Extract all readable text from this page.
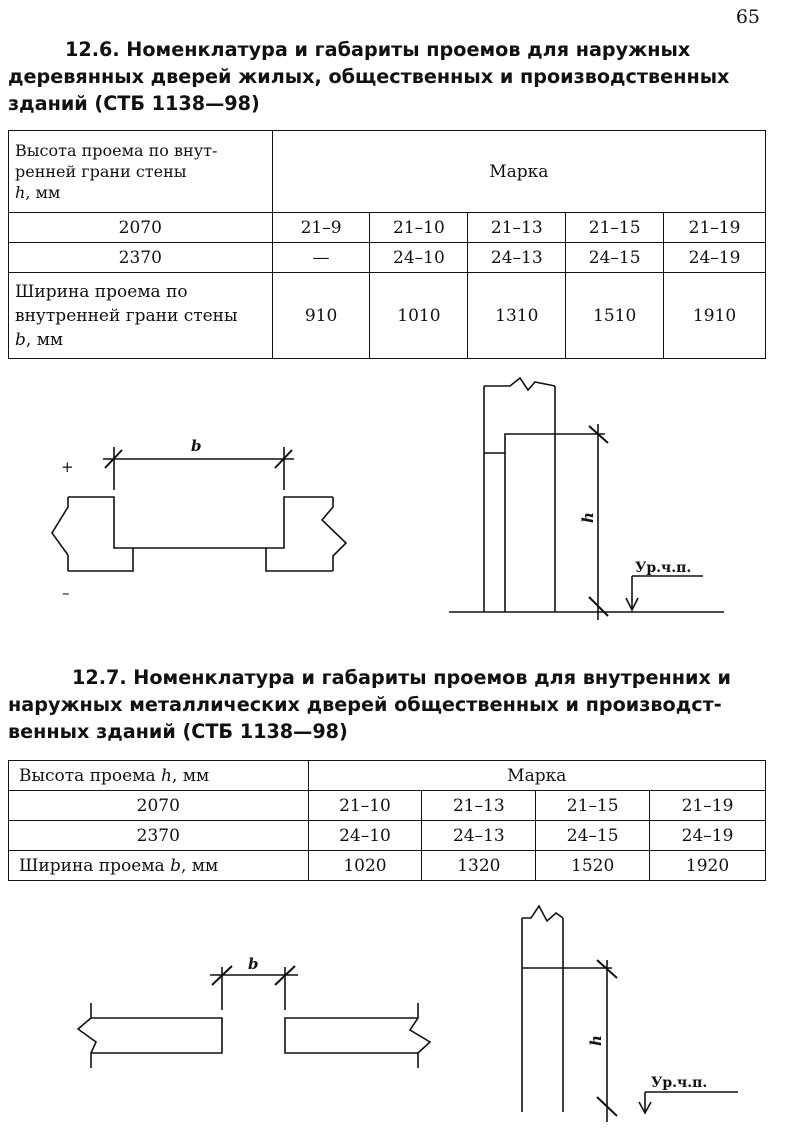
65
12.6. Номенклатура и габариты проемов для наружных
деревянных дверей жилых, общественных и производственных
зданий (СТБ 1138—98)
Высота проема по внут-
ренней грани стены
h, мм	Марка				
2070	21–9	21–10	21–13	21–15	21–19
2370	—	24–10	24–13	24–15	24–19
Ширина проема по
внутренней грани стены
b, мм	910	1010	1310	1510	1910
12.7. Номенклатура и габариты проемов для внутренних и
наружных металлических дверей общественных и производст-
венных зданий (СТБ 1138—98)
Высота проема h, мм	Марка			
2070	21–10	21–13	21–15	21–19
2370	24–10	24–13	24–15	24–19
Ширина проема b, мм	1020	1320	1520	1920
b
+
–
h
Ур.ч.п.
b
h
Ур.ч.п.
